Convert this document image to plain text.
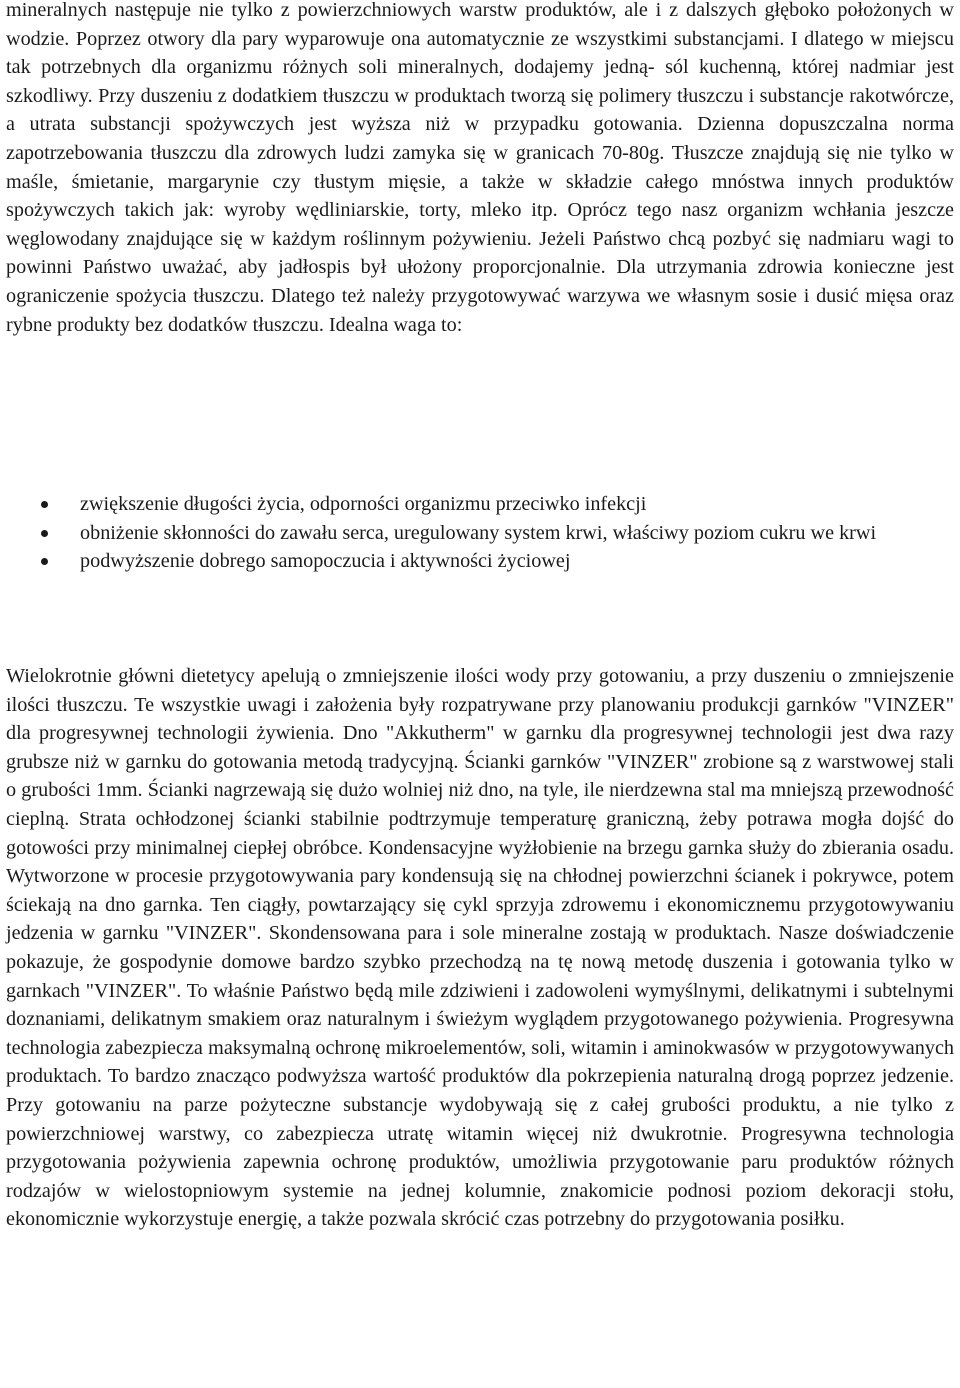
mineralnych następuje nie tylko z powierzchniowych warstw produktów, ale i z dalszych głęboko położonych w wodzie. Poprzez otwory dla pary wyparowuje ona automatycznie ze wszystkimi substancjami. I dlatego w miejscu tak potrzebnych dla organizmu różnych soli mineralnych, dodajemy jedną- sól kuchenną, której nadmiar jest szkodliwy. Przy duszeniu z dodatkiem tłuszczu w produktach tworzą się polimery tłuszczu i substancje rakotwórcze, a utrata substancji spożywczych jest wyższa niż w przypadku gotowania. Dzienna dopuszczalna norma zapotrzebowania tłuszczu dla zdrowych ludzi zamyka się w granicach 70-80g. Tłuszcze znajdują się nie tylko w maśle, śmietanie, margarynie czy tłustym mięsie, a także w składzie całego mnóstwa innych produktów spożywczych takich jak: wyroby wędliniarskie, torty, mleko itp. Oprócz tego nasz organizm wchłania jeszcze węglowodany znajdujące się w każdym roślinnym pożywieniu. Jeżeli Państwo chcą pozbyć się nadmiaru wagi to powinni Państwo uważać, aby jadłospis był ułożony proporcjonalnie. Dla utrzymania zdrowia konieczne jest ograniczenie spożycia tłuszczu. Dlatego też należy przygotowywać warzywa we własnym sosie i dusić mięsa oraz rybne produkty bez dodatków tłuszczu. Idealna waga to:

zwiększenie długości życia, odporności organizmu przeciwko infekcji
obniżenie skłonności do zawału serca, uregulowany system krwi, właściwy poziom cukru we krwi
podwyższenie dobrego samopoczucia i aktywności życiowej

Wielokrotnie główni dietetycy apelują o zmniejszenie ilości wody przy gotowaniu, a przy duszeniu o zmniejszenie ilości tłuszczu. Te wszystkie uwagi i założenia były rozpatrywane przy planowaniu produkcji garnków "VINZER" dla progresywnej technologii żywienia. Dno "Akkutherm" w garnku dla progresywnej technologii jest dwa razy grubsze niż w garnku do gotowania metodą tradycyjną. Ścianki garnków "VINZER" zrobione są z warstwowej stali o grubości 1mm. Ścianki nagrzewają się dużo wolniej niż dno, na tyle, ile nierdzewna stal ma mniejszą przewodność cieplną. Strata ochłodzonej ścianki stabilnie podtrzymuje temperaturę graniczną, żeby potrawa mogła dojść do gotowości przy minimalnej ciepłej obróbce. Kondensacyjne wyżłobienie na brzegu garnka służy do zbierania osadu. Wytworzone w procesie przygotowywania pary kondensują się na chłodnej powierzchni ścianek i pokrywce, potem ściekają na dno garnka. Ten ciągły, powtarzający się cykl sprzyja zdrowemu i ekonomicznemu przygotowywaniu jedzenia w garnku "VINZER". Skondensowana para i sole mineralne zostają w produktach. Nasze doświadczenie pokazuje, że gospodynie domowe bardzo szybko przechodzą na tę nową metodę duszenia i gotowania tylko w garnkach "VINZER". To właśnie Państwo będą mile zdziwieni i zadowoleni wymyślnymi, delikatnymi i subtelnymi doznaniami, delikatnym smakiem oraz naturalnym i świeżym wyglądem przygotowanego pożywienia. Progresywna technologia zabezpiecza maksymalną ochronę mikroelementów, soli, witamin i aminokwasów w przygotowywanych produktach. To bardzo znacząco podwyższa wartość produktów dla pokrzepienia naturalną drogą poprzez jedzenie. Przy gotowaniu na parze pożyteczne substancje wydobywają się z całej grubości produktu, a nie tylko z powierzchniowej warstwy, co zabezpiecza utratę witamin więcej niż dwukrotnie. Progresywna technologia przygotowania pożywienia zapewnia ochronę produktów, umożliwia przygotowanie paru produktów różnych rodzajów w wielostopniowym systemie na jednej kolumnie, znakomicie podnosi poziom dekoracji stołu, ekonomicznie wykorzystuje energię, a także pozwala skrócić czas potrzebny do przygotowania posiłku.
